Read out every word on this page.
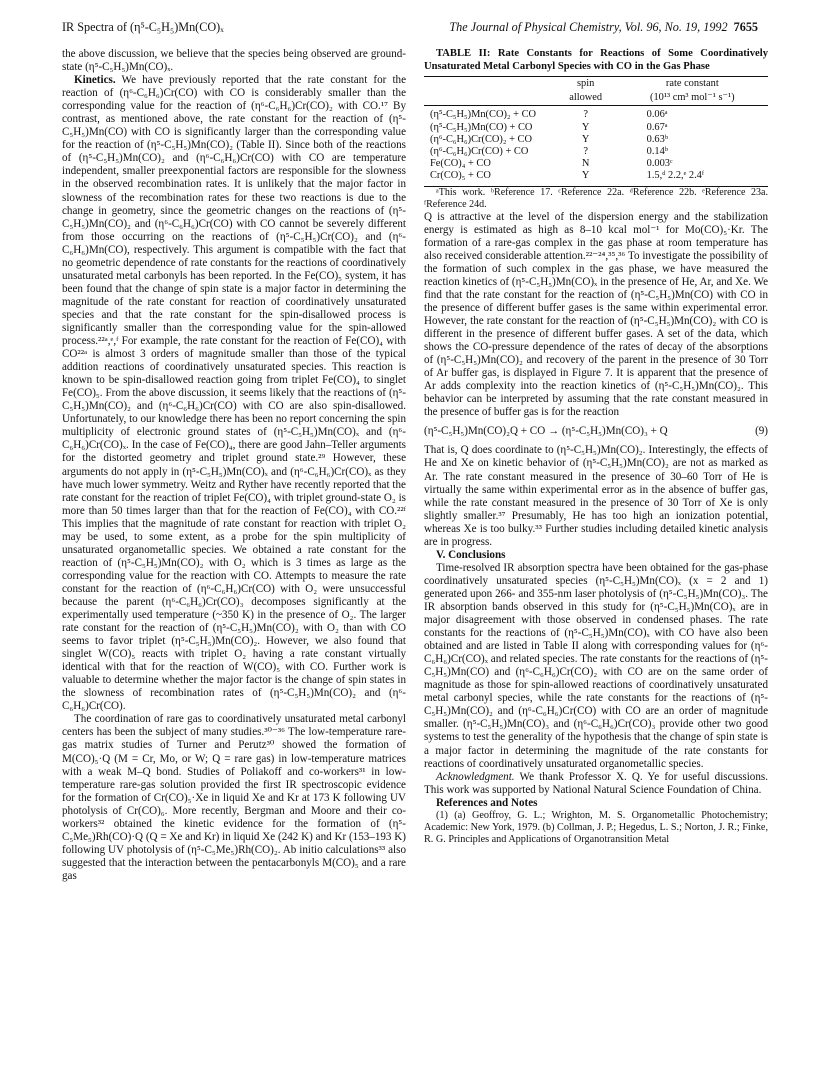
IR Spectra of (η⁵-C₅H₅)Mn(CO)ₓ	The Journal of Physical Chemistry, Vol. 96, No. 19, 1992 7655

the above discussion, we believe that the species being observed are ground-state (η⁵-C₅H₅)Mn(CO)ₓ.

Kinetics. We have previously reported that the rate constant for the reaction of (η⁶-C₆H₆)Cr(CO) with CO is considerably smaller than the corresponding value for the reaction of (η⁶-C₆H₆)Cr(CO)₂ with CO.¹⁷ By contrast, as mentioned above, the rate constant for the reaction of (η⁵-C₅H₅)Mn(CO) with CO is significantly larger than the corresponding value for the reaction of (η⁵-C₅H₅)Mn(CO)₂ (Table II). Since both of the reactions of (η⁵-C₅H₅)Mn(CO)₂ and (η⁶-C₆H₆)Cr(CO) with CO are temperature independent, smaller preexponential factors are responsible for the slowness in the observed recombination rates. It is unlikely that the major factor in slowness of the recombination rates for these two reactions is due to the change in geometry, since the geometric changes on the reactions of (η⁵-C₅H₅)Mn(CO)₂ and (η⁶-C₆H₆)Cr(CO) with CO cannot be severely different from those occurring on the reactions of (η⁵-C₅H₅)Cr(CO)₂ and (η⁶-C₆H₆)Mn(CO), respectively. This argument is compatible with the fact that no geometric dependence of rate constants for the reactions of coordinatively unsaturated metal carbonyls has been reported. In the Fe(CO)₅ system, it has been found that the change of spin state is a major factor in determining the magnitude of the rate constant for reaction of coordinatively unsaturated species and that the rate constant for the spin-disallowed process is significantly smaller than the corresponding value for the spin-allowed process.²²ᵃ,ᵉ,ᶠ For example, the rate constant for the reaction of Fe(CO)₄ with CO²²ᵃ is almost 3 orders of magnitude smaller than those of the typical addition reactions of coordinatively unsaturated species. This reaction is known to be spin-disallowed reaction going from triplet Fe(CO)₄ to singlet Fe(CO)₅. From the above discussion, it seems likely that the reactions of (η⁵-C₅H₅)Mn(CO)₂ and (η⁶-C₆H₆)Cr(CO) with CO are also spin-disallowed. Unfortunately, to our knowledge there has been no report concerning the spin multiplicity of electronic ground states of (η⁵-C₅H₅)Mn(CO)ₓ and (η⁶-C₆H₆)Cr(CO)ₓ. In the case of Fe(CO)₄, there are good Jahn–Teller arguments for the distorted geometry and triplet ground state.²⁹ However, these arguments do not apply in (η⁵-C₅H₅)Mn(CO)ₓ and (η⁶-C₆H₆)Cr(CO)ₓ as they have much lower symmetry. Weitz and Ryther have recently reported that the rate constant for the reaction of triplet Fe(CO)₄ with triplet ground-state O₂ is more than 50 times larger than that for the reaction of Fe(CO)₄ with CO.²²ᶠ This implies that the magnitude of rate constant for reaction with triplet O₂ may be used, to some extent, as a probe for the spin multiplicity of unsaturated organometallic species. We obtained a rate constant for the reaction of (η⁵-C₅H₅)Mn(CO)₂ with O₂ which is 3 times as large as the corresponding value for the reaction with CO. Attempts to measure the rate constant for the reaction of (η⁶-C₆H₆)Cr(CO) with O₂ were unsuccessful because the parent (η⁶-C₆H₆)Cr(CO)₃ decomposes significantly at the experimentally used temperature (~350 K) in the presence of O₂. The larger rate constant for the reaction of (η⁵-C₅H₅)Mn(CO)₂ with O₂ than with CO seems to favor triplet (η⁵-C₅H₅)Mn(CO)₂. However, we also found that singlet W(CO)₅ reacts with triplet O₂ having a rate constant virtually identical with that for the reaction of W(CO)₅ with CO. Further work is valuable to determine whether the major factor is the change of spin states in the slowness of recombination rates of (η⁵-C₅H₅)Mn(CO)₂ and (η⁶-C₆H₆)Cr(CO).

The coordination of rare gas to coordinatively unsaturated metal carbonyl centers has been the subject of many studies.³⁰⁻³⁶ The low-temperature rare-gas matrix studies of Turner and Perutz³⁰ showed the formation of M(CO)₅·Q (M = Cr, Mo, or W; Q = rare gas) in low-temperature matrices with a weak M–Q bond. Studies of Poliakoff and co-workers³¹ in low-temperature rare-gas solution provided the first IR spectroscopic evidence for the formation of Cr(CO)₅·Xe in liquid Xe and Kr at 173 K following UV photolysis of Cr(CO)₆. More recently, Bergman and Moore and their co-workers³² obtained the kinetic evidence for the formation of (η⁵-C₅Me₅)Rh(CO)·Q (Q = Xe and Kr) in liquid Xe (242 K) and Kr (153–193 K) following UV photolysis of (η⁵-C₅Me₅)Rh(CO)₂. Ab initio calculations³³ also suggested that the interaction between the pentacarbonyls M(CO)₅ and a rare gas

TABLE II: Rate Constants for Reactions of Some Coordinatively Unsaturated Metal Carbonyl Species with CO in the Gas Phase

	spin	rate constant
	allowed	(10¹³ cm³ mol⁻¹ s⁻¹)
(η⁵-C₅H₅)Mn(CO)₂ + CO	?	0.06ᵃ
(η⁵-C₅H₅)Mn(CO) + CO	Y	0.67ᵃ
(η⁶-C₆H₆)Cr(CO)₂ + CO	Y	0.63ᵇ
(η⁶-C₆H₆)Cr(CO) + CO	?	0.14ᵇ
Fe(CO)₄ + CO	N	0.003ᶜ
Cr(CO)₅ + CO	Y	1.5,ᵈ 2.2,ᵉ 2.4ᶠ

ᵃThis work. ᵇReference 17. ᶜReference 22a. ᵈReference 22b. ᵉReference 23a. ᶠReference 24d.

Q is attractive at the level of the dispersion energy and the stabilization energy is estimated as high as 8–10 kcal mol⁻¹ for Mo(CO)₅·Kr. The formation of a rare-gas complex in the gas phase at room temperature has also received considerable attention.²²⁻²⁴,³⁵,³⁶ To investigate the possibility of the formation of such complex in the gas phase, we have measured the reaction kinetics of (η⁵-C₅H₅)Mn(CO)ₓ in the presence of He, Ar, and Xe. We find that the rate constant for the reaction of (η⁵-C₅H₅)Mn(CO) with CO in the presence of different buffer gases is the same within experimental error. However, the rate constant for the reaction of (η⁵-C₅H₅)Mn(CO)₂ with CO is different in the presence of different buffer gases. A set of the data, which shows the CO-pressure dependence of the rates of decay of the absorptions of (η⁵-C₅H₅)Mn(CO)₂ and recovery of the parent in the presence of 30 Torr of Ar buffer gas, is displayed in Figure 7. It is apparent that the presence of Ar adds complexity into the reaction kinetics of (η⁵-C₅H₅)Mn(CO)₂. This behavior can be interpreted by assuming that the rate constant measured in the presence of buffer gas is for the reaction

(η⁵-C₅H₅)Mn(CO)₂Q + CO → (η⁵-C₅H₅)Mn(CO)₃ + Q	(9)

That is, Q does coordinate to (η⁵-C₅H₅)Mn(CO)₂. Interestingly, the effects of He and Xe on kinetic behavior of (η⁵-C₅H₅)Mn(CO)₂ are not as marked as Ar. The rate constant measured in the presence of 30–60 Torr of He is virtually the same within experimental error as in the absence of buffer gas, while the rate constant measured in the presence of 30 Torr of Xe is only slightly smaller.³⁷ Presumably, He has too high an ionization potential, whereas Xe is too bulky.³³ Further studies including detailed kinetic analysis are in progress.

V. Conclusions

Time-resolved IR absorption spectra have been obtained for the gas-phase coordinatively unsaturated species (η⁵-C₅H₅)Mn(CO)ₓ (x = 2 and 1) generated upon 266- and 355-nm laser photolysis of (η⁵-C₅H₅)Mn(CO)₃. The IR absorption bands observed in this study for (η⁵-C₅H₅)Mn(CO)ₓ are in major disagreement with those observed in condensed phases. The rate constants for the reactions of (η⁵-C₅H₅)Mn(CO)ₓ with CO have also been obtained and are listed in Table II along with corresponding values for (η⁶-C₆H₆)Cr(CO)ₓ and related species. The rate constants for the reactions of (η⁵-C₅H₅)Mn(CO) and (η⁶-C₆H₆)Cr(CO)₂ with CO are on the same order of magnitude as those for spin-allowed reactions of coordinatively unsaturated metal carbonyl species, while the rate constants for the reactions of (η⁵-C₅H₅)Mn(CO)₂ and (η⁶-C₆H₆)Cr(CO) with CO are an order of magnitude smaller. (η⁵-C₅H₅)Mn(CO)₃ and (η⁶-C₆H₆)Cr(CO)₃ provide other two good systems to test the generality of the hypothesis that the change of spin state is a major factor in determining the magnitude of the rate constants for reactions of coordinatively unsaturated organometallic species.

Acknowledgment. We thank Professor X. Q. Ye for useful discussions. This work was supported by National Natural Science Foundation of China.

References and Notes

(1) (a) Geoffroy, G. L.; Wrighton, M. S. Organometallic Photochemistry; Academic: New York, 1979. (b) Collman, J. P.; Hegedus, L. S.; Norton, J. R.; Finke, R. G. Principles and Applications of Organotransition Metal
